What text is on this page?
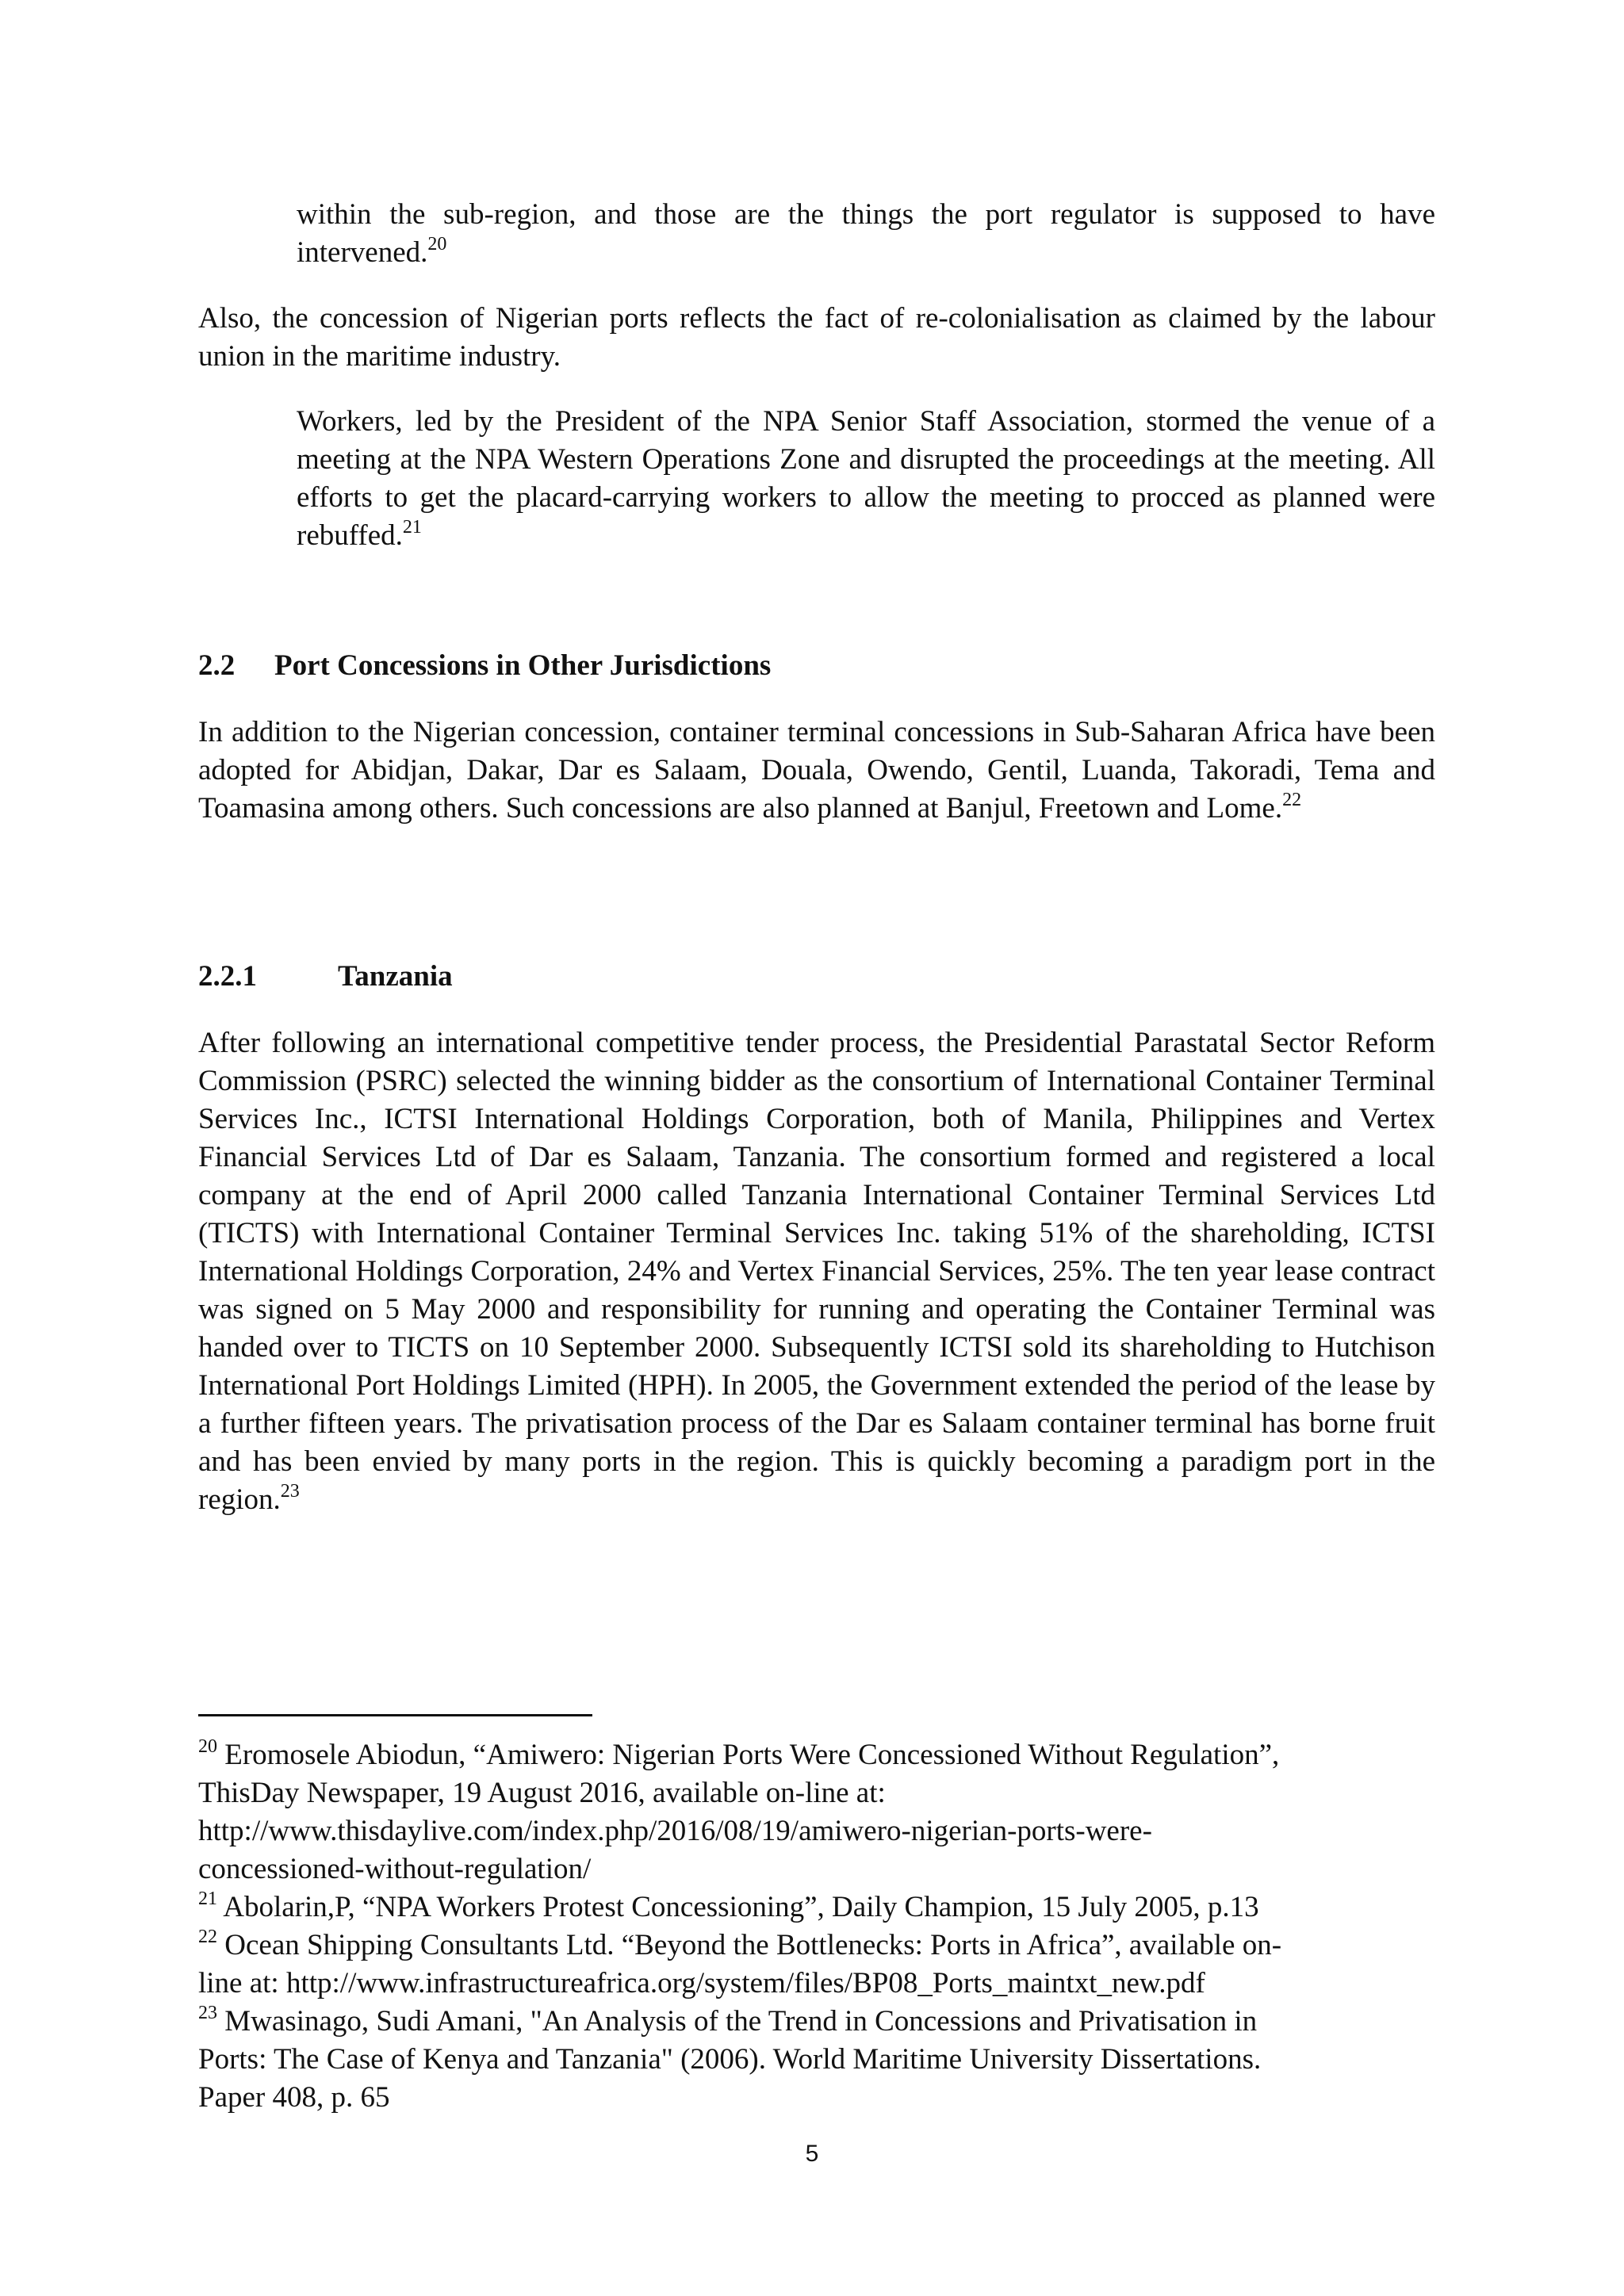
within the sub-region, and those are the things the port regulator is supposed to have intervened.$^{20}$

Also, the concession of Nigerian ports reflects the fact of re-colonialisation as claimed by the labour union in the maritime industry.

Workers, led by the President of the NPA Senior Staff Association, stormed the venue of a meeting at the NPA Western Operations Zone and disrupted the proceedings at the meeting. All efforts to get the placard-carrying workers to allow the meeting to procced as planned were rebuffed.$^{21}$

2.2 Port Concessions in Other Jurisdictions

In addition to the Nigerian concession, container terminal concessions in Sub-Saharan Africa have been adopted for Abidjan, Dakar, Dar es Salaam, Douala, Owendo, Gentil, Luanda, Takoradi, Tema and Toamasina among others. Such concessions are also planned at Banjul, Freetown and Lome.$^{22}$

2.2.1	Tanzania

After following an international competitive tender process, the Presidential Parastatal Sector Reform Commission (PSRC) selected the winning bidder as the consortium of International Container Terminal Services Inc., ICTSI International Holdings Corporation, both of Manila, Philippines and Vertex Financial Services Ltd of Dar es Salaam, Tanzania. The consortium formed and registered a local company at the end of April 2000 called Tanzania International Container Terminal Services Ltd (TICTS) with International Container Terminal Services Inc. taking 51% of the shareholding, ICTSI International Holdings Corporation, 24% and Vertex Financial Services, 25%. The ten year lease contract was signed on 5 May 2000 and responsibility for running and operating the Container Terminal was handed over to TICTS on 10 September 2000. Subsequently ICTSI sold its shareholding to Hutchison International Port Holdings Limited (HPH). In 2005, the Government extended the period of the lease by a further fifteen years. The privatisation process of the Dar es Salaam container terminal has borne fruit and has been envied by many ports in the region. This is quickly becoming a paradigm port in the region.$^{23}$

$^{20}$ Eromosele Abiodun, “Amiwero: Nigerian Ports Were Concessioned Without Regulation”,

ThisDay Newspaper, 19 August 2016, available on-line at:

http://www.thisdaylive.com/index.php/2016/08/19/amiwero-nigerian-ports-were-

concessioned-without-regulation/

$^{21}$ Abolarin,P, “NPA Workers Protest Concessioning”, Daily Champion, 15 July 2005, p.13

$^{22}$ Ocean Shipping Consultants Ltd. “Beyond the Bottlenecks: Ports in Africa”, available on-

line at: http://www.infrastructureafrica.org/system/files/BP08_Ports_maintxt_new.pdf

$^{23}$ Mwasinago, Sudi Amani, "An Analysis of the Trend in Concessions and Privatisation in

Ports: The Case of Kenya and Tanzania" (2006). World Maritime University Dissertations.

Paper 408, p. 65

5
